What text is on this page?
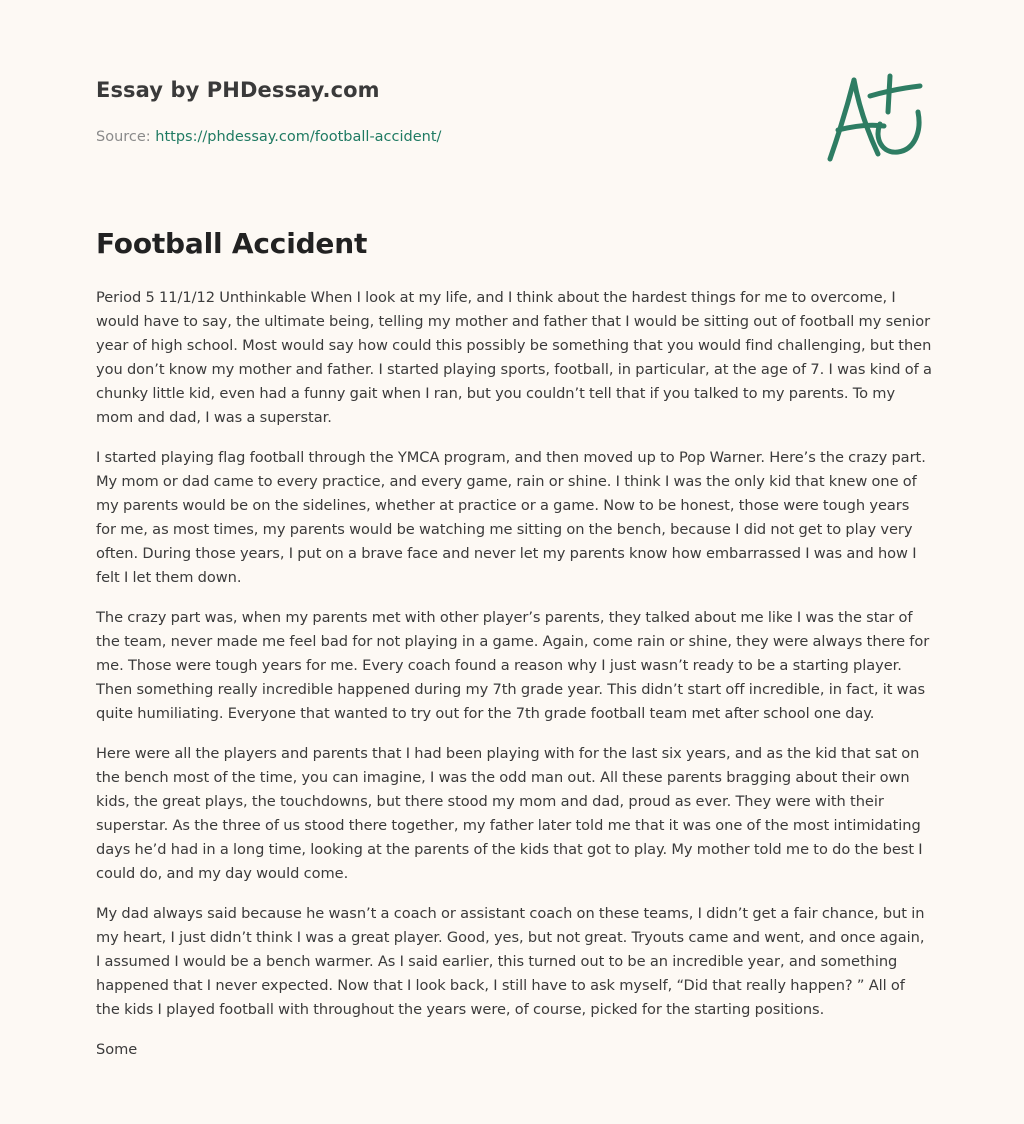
Essay by PHDessay.com
Source: https://phdessay.com/football-accident/
Football Accident

Period 5 11/1/12 Unthinkable When I look at my life, and I think about the hardest things for me to overcome, I would have to say, the ultimate being, telling my mother and father that I would be sitting out of football my senior year of high school. Most would say how could this possibly be something that you would find challenging, but then you don’t know my mother and father. I started playing sports, football, in particular, at the age of 7. I was kind of a chunky little kid, even had a funny gait when I ran, but you couldn’t tell that if you talked to my parents. To my mom and dad, I was a superstar.

I started playing flag football through the YMCA program, and then moved up to Pop Warner. Here’s the crazy part. My mom or dad came to every practice, and every game, rain or shine. I think I was the only kid that knew one of my parents would be on the sidelines, whether at practice or a game. Now to be honest, those were tough years for me, as most times, my parents would be watching me sitting on the bench, because I did not get to play very often. During those years, I put on a brave face and never let my parents know how embarrassed I was and how I felt I let them down.

The crazy part was, when my parents met with other player’s parents, they talked about me like I was the star of the team, never made me feel bad for not playing in a game. Again, come rain or shine, they were always there for me. Those were tough years for me. Every coach found a reason why I just wasn’t ready to be a starting player. Then something really incredible happened during my 7th grade year. This didn’t start off incredible, in fact, it was quite humiliating. Everyone that wanted to try out for the 7th grade football team met after school one day.

Here were all the players and parents that I had been playing with for the last six years, and as the kid that sat on the bench most of the time, you can imagine, I was the odd man out. All these parents bragging about their own kids, the great plays, the touchdowns, but there stood my mom and dad, proud as ever. They were with their superstar. As the three of us stood there together, my father later told me that it was one of the most intimidating days he’d had in a long time, looking at the parents of the kids that got to play. My mother told me to do the best I could do, and my day would come.

My dad always said because he wasn’t a coach or assistant coach on these teams, I didn’t get a fair chance, but in my heart, I just didn’t think I was a great player. Good, yes, but not great. Tryouts came and went, and once again, I assumed I would be a bench warmer. As I said earlier, this turned out to be an incredible year, and something happened that I never expected. Now that I look back, I still have to ask myself, “Did that really happen? ” All of the kids I played football with throughout the years were, of course, picked for the starting positions.

Some
